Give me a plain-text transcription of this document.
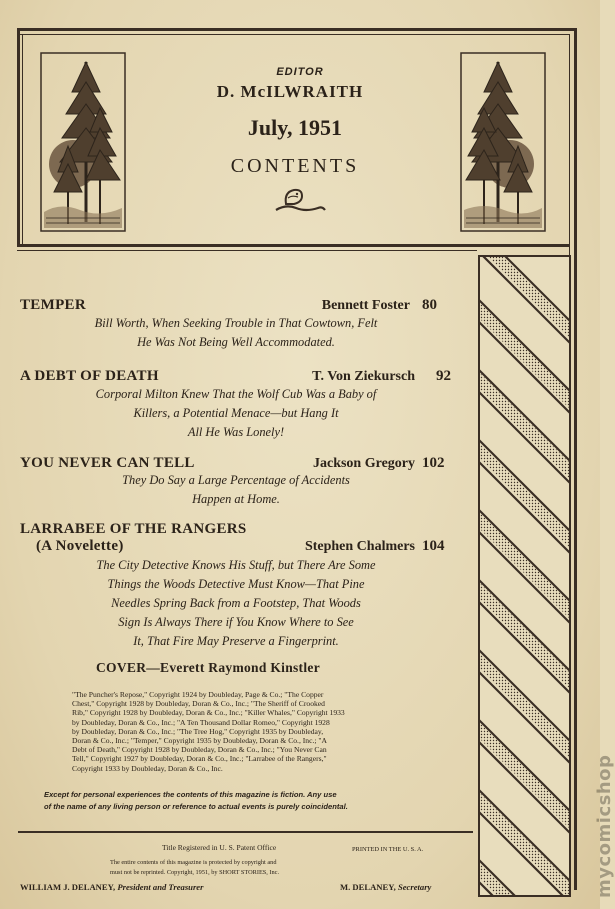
EDITOR
D. McILWRAITH
July, 1951
CONTENTS
TEMPER	Bennett Foster 80
Bill Worth, When Seeking Trouble in That Cowtown, Felt
He Was Not Being Well Accommodated.
A DEBT OF DEATH	T. Von Ziekursch 92
Corporal Milton Knew That the Wolf Cub Was a Baby of
Killers, a Potential Menace—but Hang It
All He Was Lonely!
YOU NEVER CAN TELL	Jackson Gregory 102
They Do Say a Large Percentage of Accidents
Happen at Home.
LARRABEE OF THE RANGERS
(A Novelette)	Stephen Chalmers 104
The City Detective Knows His Stuff, but There Are Some
Things the Woods Detective Must Know—That Pine
Needles Spring Back from a Footstep, That Woods
Sign Is Always There if You Know Where to See
It, That Fire May Preserve a Fingerprint.
COVER—Everett Raymond Kinstler
"The Puncher's Repose," Copyright 1924 by Doubleday, Page & Co.; "The Copper
Chest," Copyright 1928 by Doubleday, Doran & Co., Inc.; "The Sheriff of Crooked
Rib," Copyright 1928 by Doubleday, Doran & Co., Inc.; "Killer Whales," Copyright 1933
by Doubleday, Doran & Co., Inc.; "A Ten Thousand Dollar Romeo," Copyright 1928
by Doubleday, Doran & Co., Inc.; "The Tree Hog," Copyright 1935 by Doubleday,
Doran & Co., Inc.; "Temper," Copyright 1935 by Doubleday, Doran & Co., Inc.; "A
Debt of Death," Copyright 1928 by Doubleday, Doran & Co., Inc.; "You Never Can
Tell," Copyright 1927 by Doubleday, Doran & Co., Inc.; "Larrabee of the Rangers,"
Copyright 1933 by Doubleday, Doran & Co., Inc.
Except for personal experiences the contents of this magazine is fiction. Any use
of the name of any living person or reference to actual events is purely coincidental.
Title Registered in U. S. Patent Office	PRINTED IN THE U. S. A.
The entire contents of this magazine is protected by copyright and
must not be reprinted. Copyright, 1951, by SHORT STORIES, Inc.
WILLIAM J. DELANEY, President and Treasurer	M. DELANEY, Secretary	mycomicshop
